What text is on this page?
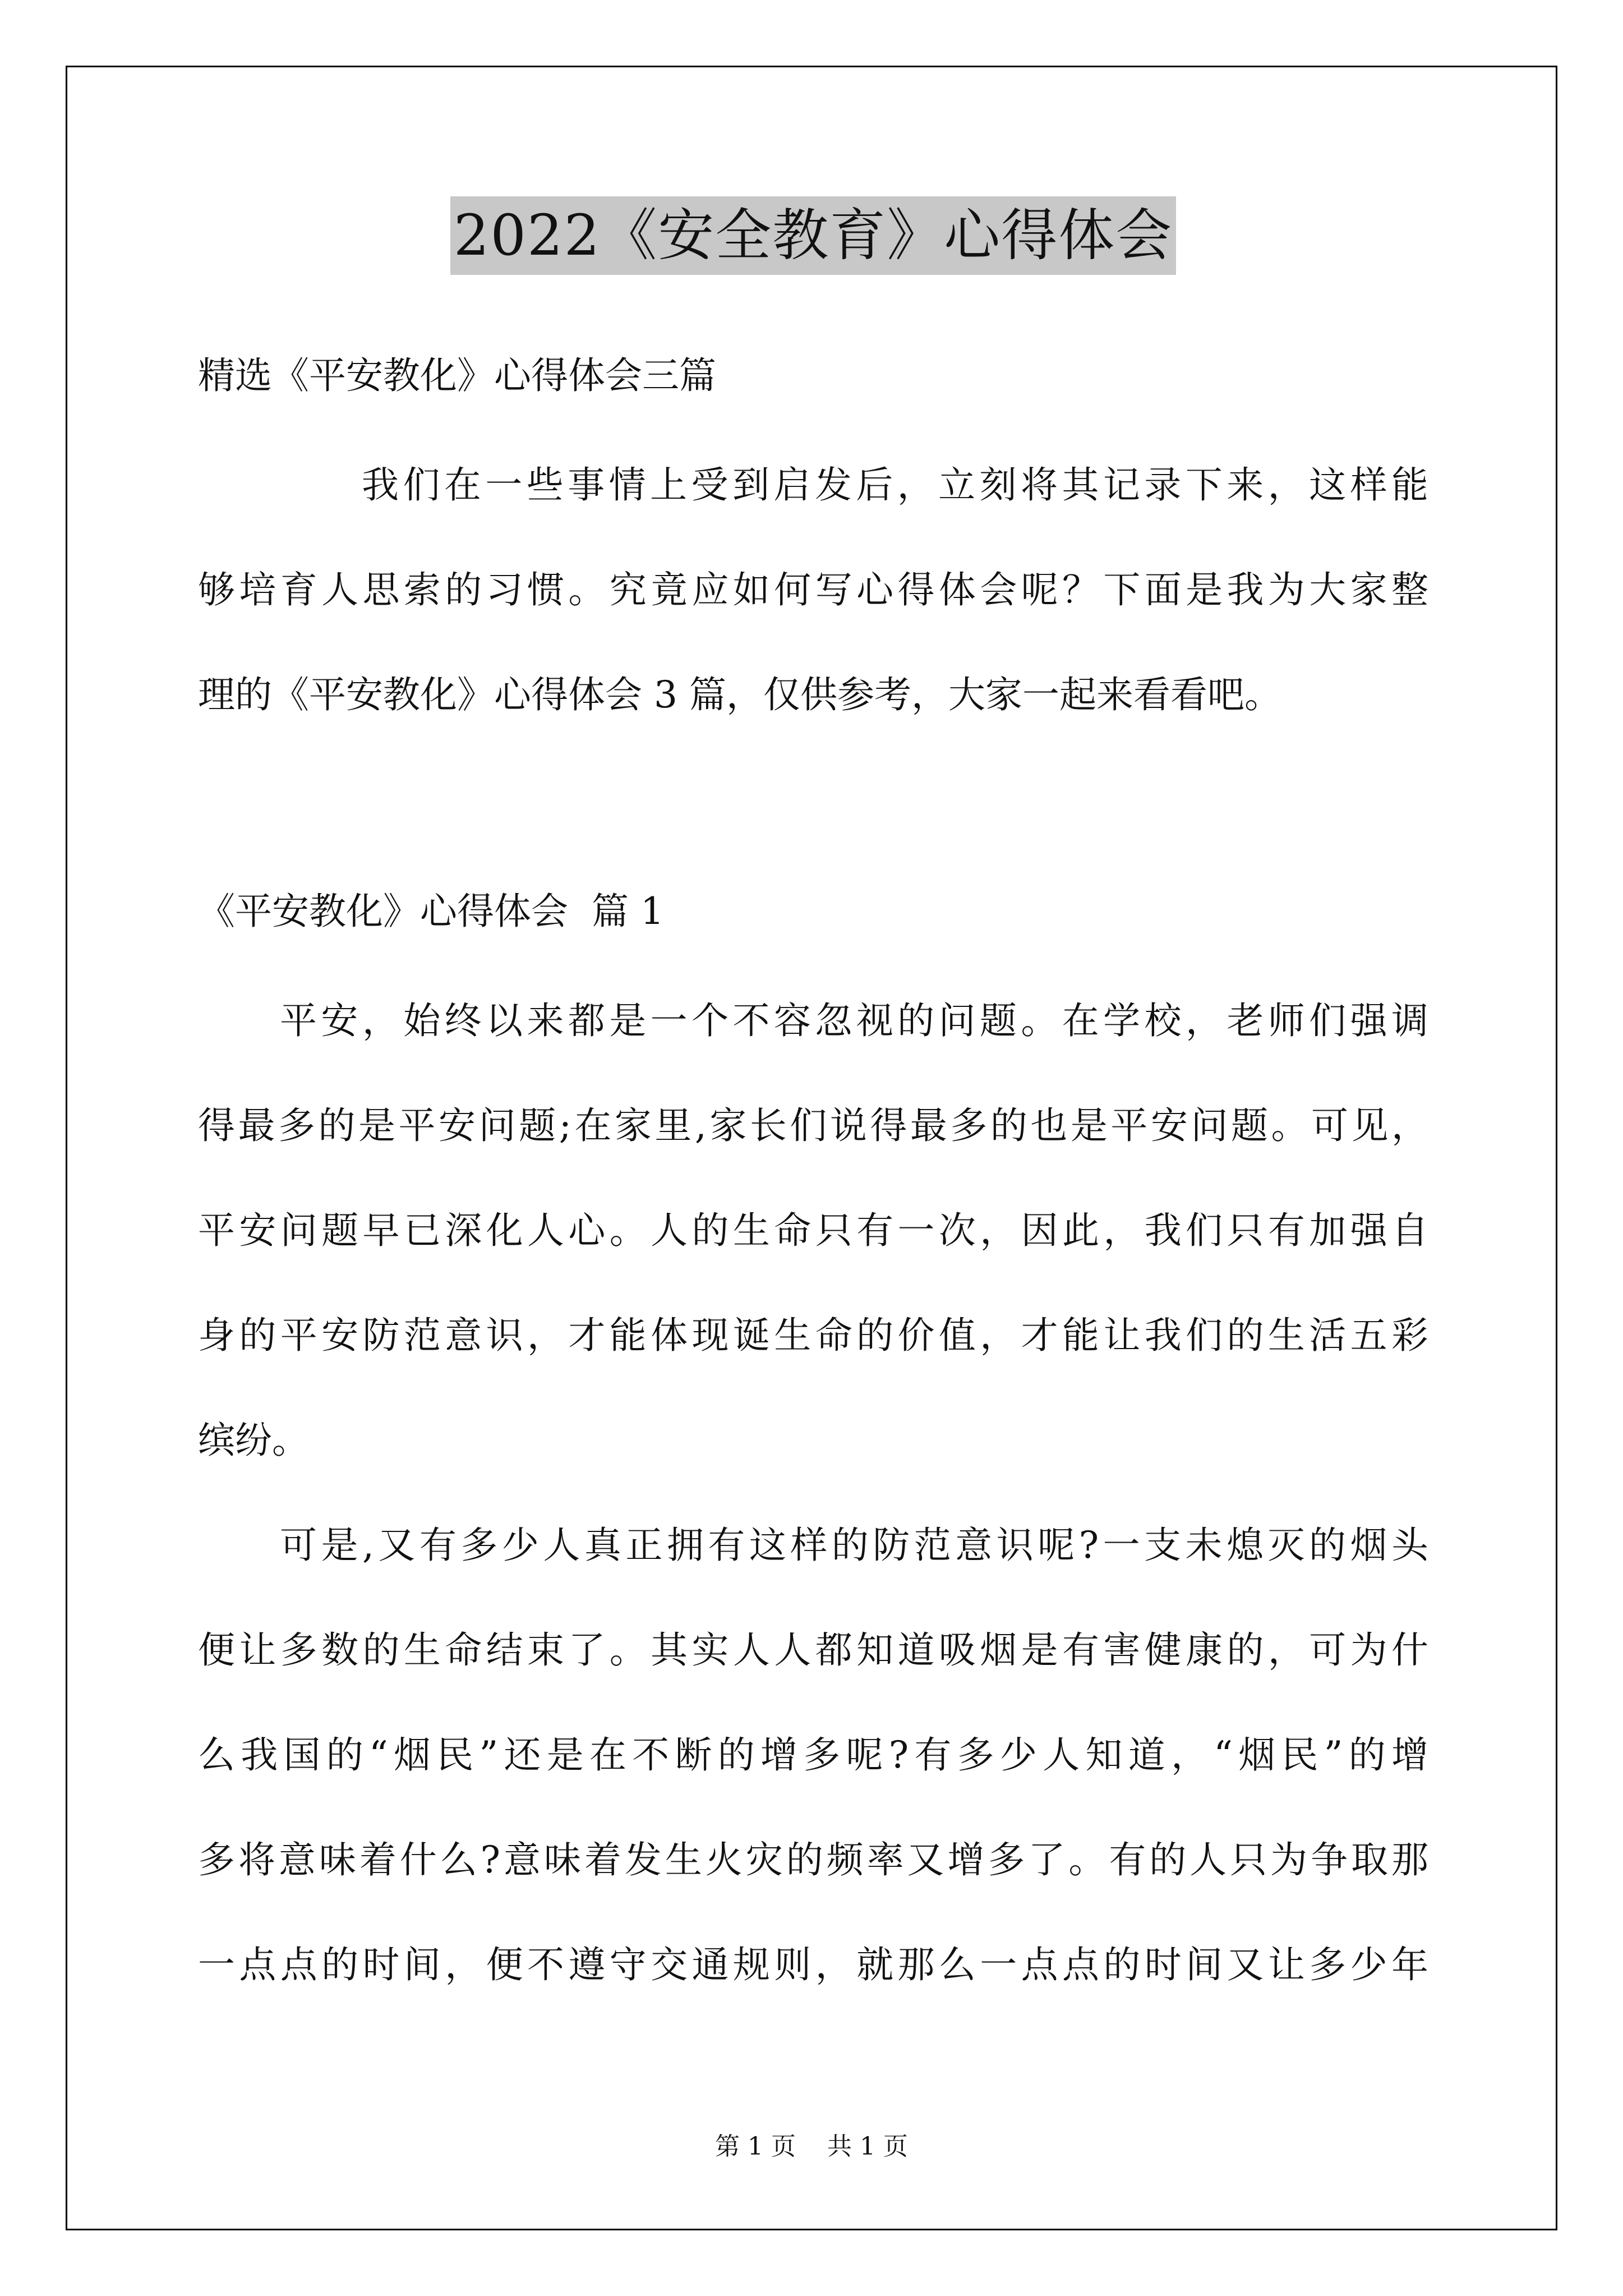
2022《安全教育》心得体会
精选《平安教化》心得体会三篇
我们在一些事情上受到启发后，立刻将其记录下来，这样能
够培育人思索的习惯。究竟应如何写心得体会呢？下面是我为大家整
理的《平安教化》心得体会 3 篇，仅供参考，大家一起来看看吧。
《平安教化》心得体会  篇 1
平安，始终以来都是一个不容忽视的问题。在学校，老师们强调
得最多的是平安问题;在家里,家长们说得最多的也是平安问题。可见，
平安问题早已深化人心。人的生命只有一次，因此，我们只有加强自
身的平安防范意识，才能体现诞生命的价值，才能让我们的生活五彩
缤纷。
可是,又有多少人真正拥有这样的防范意识呢?一支未熄灭的烟头
便让多数的生命结束了。其实人人都知道吸烟是有害健康的，可为什
么我国的“烟民”还是在不断的增多呢?有多少人知道，“烟民”的增
多将意味着什么?意味着发生火灾的频率又增多了。有的人只为争取那
一点点的时间，便不遵守交通规则，就那么一点点的时间又让多少年
第 1 页    共 1 页
